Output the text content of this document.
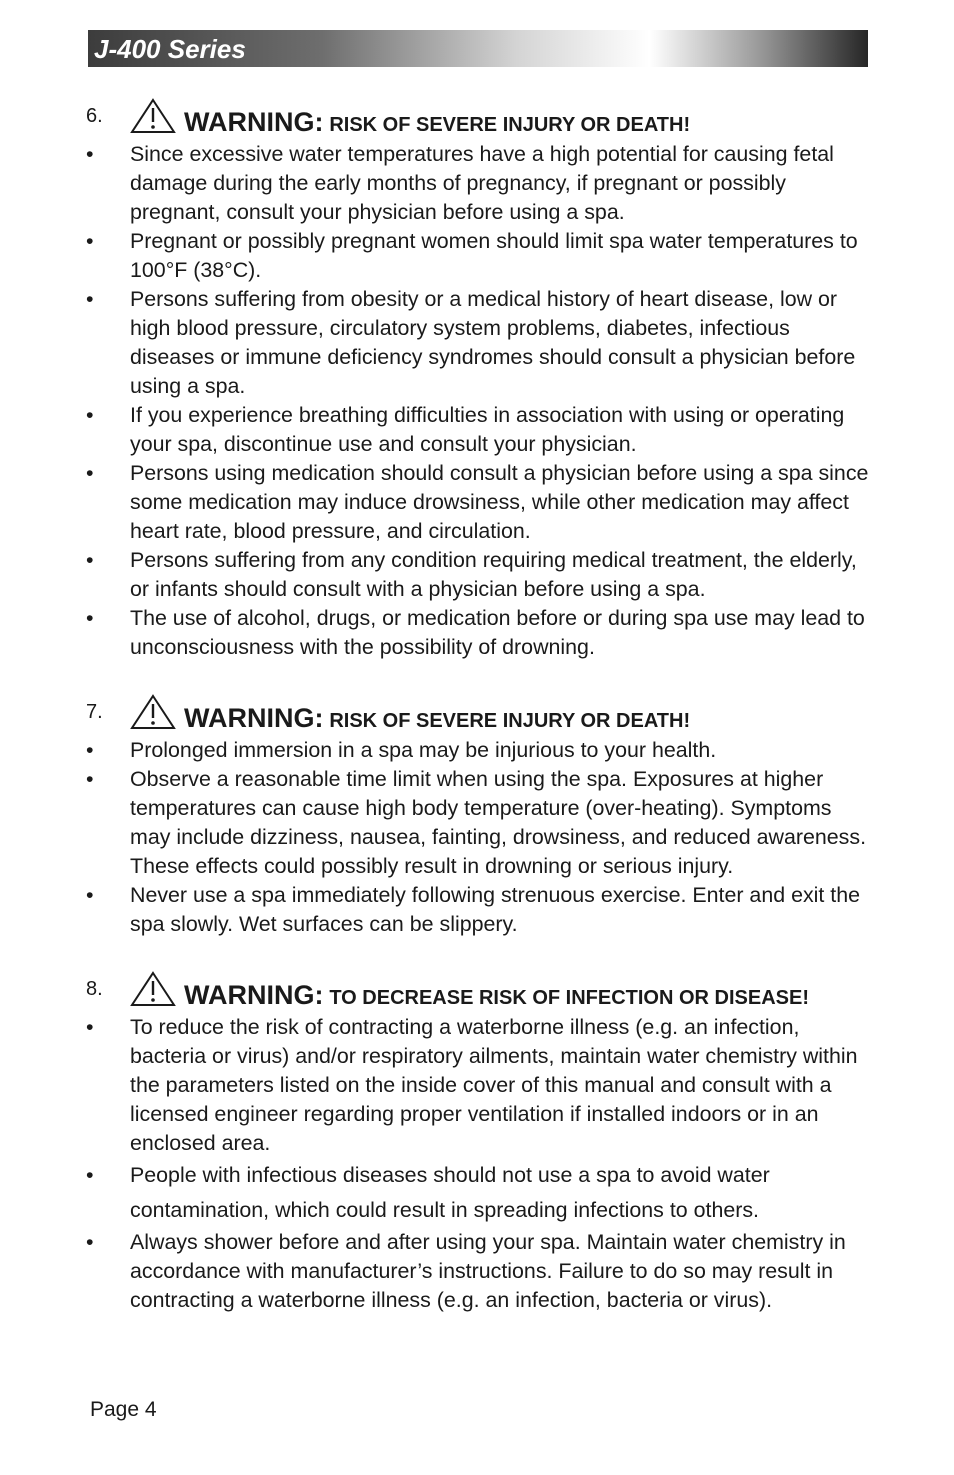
J-400 Series
6.	WARNING: RISK OF SEVERE INJURY OR DEATH!
• Since excessive water temperatures have a high potential for causing fetal damage during the early months of pregnancy, if pregnant or possibly pregnant, consult your physician before using a spa.
• Pregnant or possibly pregnant women should limit spa water temperatures to 100°F (38°C).
• Persons suffering from obesity or a medical history of heart disease, low or high blood pressure, circulatory system problems, diabetes, infectious diseases or immune deficiency syndromes should consult a physician before using a spa.
• If you experience breathing difficulties in association with using or operating your spa, discontinue use and consult your physician.
• Persons using medication should consult a physician before using a spa since some medication may induce drowsiness, while other medication may affect heart rate, blood pressure, and circulation.
• Persons suffering from any condition requiring medical treatment, the elderly, or infants should consult with a physician before using a spa.
• The use of alcohol, drugs, or medication before or during spa use may lead to unconsciousness with the possibility of drowning.
7.	WARNING: RISK OF SEVERE INJURY OR DEATH!
• Prolonged immersion in a spa may be injurious to your health.
• Observe a reasonable time limit when using the spa. Exposures at higher temperatures can cause high body temperature (over-heating). Symptoms may include dizziness, nausea, fainting, drowsiness, and reduced awareness. These effects could possibly result in drowning or serious injury.
• Never use a spa immediately following strenuous exercise. Enter and exit the spa slowly. Wet surfaces can be slippery.
8.	WARNING: TO DECREASE RISK OF INFECTION OR DISEASE!
• To reduce the risk of contracting a waterborne illness (e.g. an infection, bacteria or virus) and/or respiratory ailments, maintain water chemistry within the parameters listed on the inside cover of this manual and consult with a licensed engineer regarding proper ventilation if installed indoors or in an enclosed area.
• People with infectious diseases should not use a spa to avoid water contamination, which could result in spreading infections to others.
• Always shower before and after using your spa. Maintain water chemistry in accordance with manufacturer’s instructions. Failure to do so may result in contracting a waterborne illness (e.g. an infection, bacteria or virus).
Page 4
